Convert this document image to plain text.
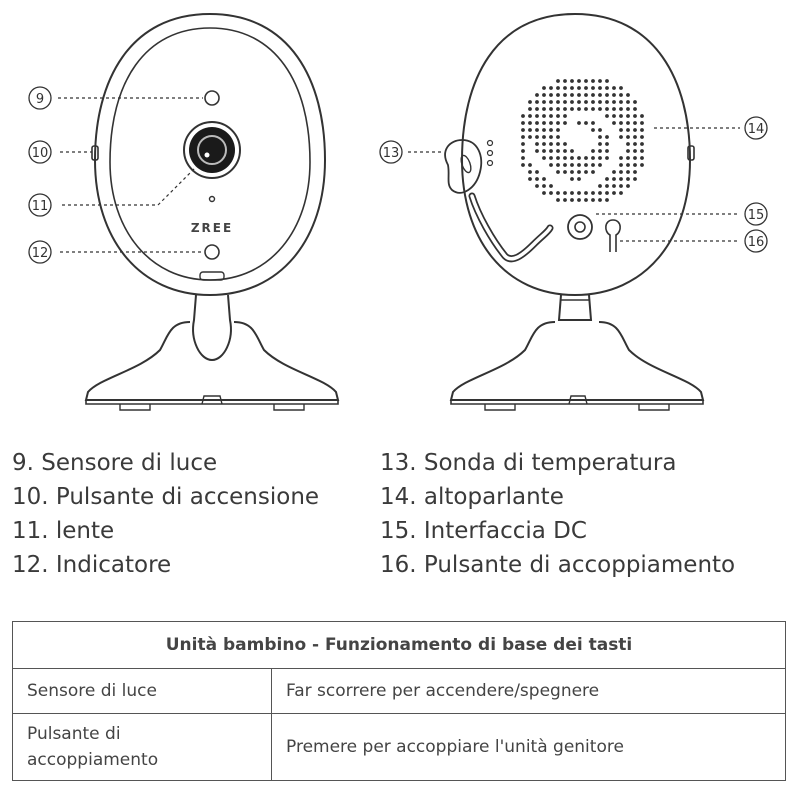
9
10
11
12
13
14
15
16
ZREE
9. Sensore di luce
10. Pulsante di accensione
11. lente
12. Indicatore
13. Sonda di temperatura
14. altoparlante
15. Interfaccia DC
16. Pulsante di accoppiamento
Unità bambino - Funzionamento di base dei tasti	
Sensore di luce	Far scorrere per accendere/spegnere
Pulsante di accoppiamento	Premere per accoppiare l'unità genitore
